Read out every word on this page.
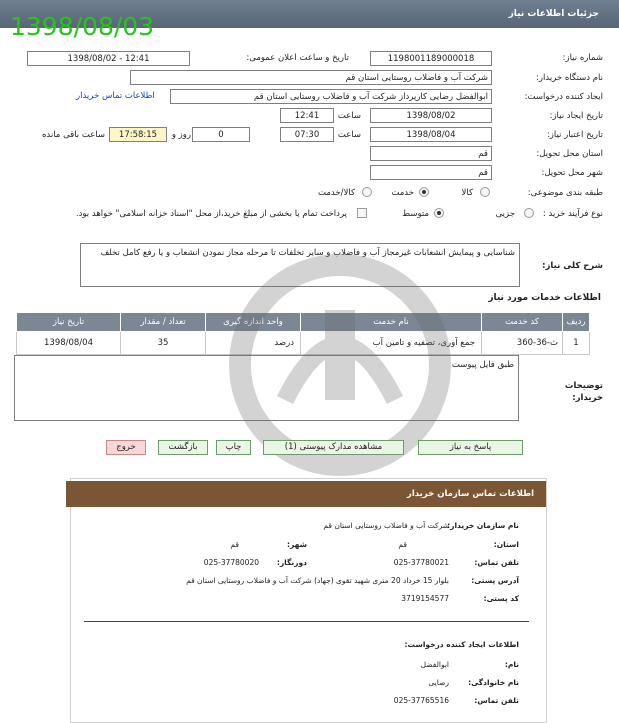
جزئیات اطلاعات نیاز
1398/08/03
شماره نیاز:
1198001189000018
تاریخ و ساعت اعلان عمومی:
1398/08/02 - 12:41
نام دستگاه خریدار:
شرکت آب و فاضلاب روستایی استان قم
ایجاد کننده درخواست:
ابوالفضل رضایی کارپرداز شرکت آب و فاضلاب روستایی استان قم
اطلاعات تماس خریدار
تاریخ ایجاد نیاز:
1398/08/02
ساعت
12:41
تاریخ اعتبار نیاز:
1398/08/04
ساعت
07:30
0
روز و
17:58:15
ساعت باقی مانده
استان محل تحویل:
قم
شهر محل تحویل:
قم
طبقه بندی موضوعی:
کالا
خدمت
کالا/خدمت
نوع فرآیند خرید :
جزیی
متوسط
پرداخت تمام یا بخشی از مبلغ خرید،از محل "اسناد خزانه اسلامی" خواهد بود.
شرح کلی نیاز:
شناسایی و پیمایش انشعابات غیرمجاز آب و فاضلاب و سایر تخلفات تا مرحله مجاز نمودن انشعاب و یا رفع کامل تخلف
اطلاعات خدمات مورد نیاز
ردیف	کد خدمت	نام خدمت	واحد اندازه گیری	تعداد / مقدار	تاریخ نیاز
1	ث-36-360	جمع آوری، تصفیه و تامین آب	درصد	35	1398/08/04
توضیحات خریدار:
طبق فایل پیوست
پاسخ به نیاز
مشاهده مدارک پیوستی (1)
چاپ
بازگشت
خروج
اطلاعات تماس سازمان خریدار
نام سازمان خریدار:
شرکت آب و فاضلاب روستایی استان قم
استان:
قم
شهر:
قم
تلفن تماس:
025-37780021
دورنگار:
025-37780020
آدرس پستی:
بلوار 15 خرداد 20 متری شهید تقوی (جهاد) شرکت آب و فاضلاب روستایی استان قم
کد پستی:
3719154577
اطلاعات ایجاد کننده درخواست:
نام:
ابوالفضل
نام خانوادگی:
رضایی
تلفن تماس:
025-37765516
